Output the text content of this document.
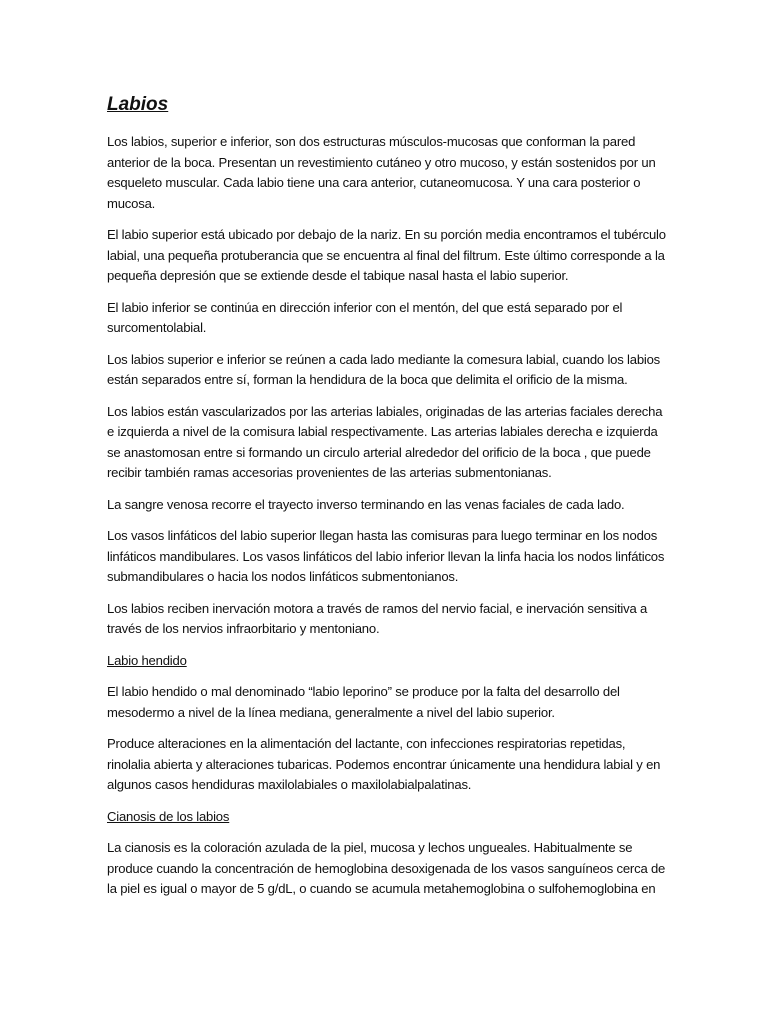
Labios

Los labios, superior e inferior, son dos estructuras músculos-mucosas que conforman la pared anterior de la boca. Presentan un revestimiento cutáneo y otro mucoso, y están sostenidos por un esqueleto muscular. Cada labio tiene una cara anterior, cutaneomucosa. Y una cara posterior o mucosa.

El labio superior está ubicado por debajo de la nariz. En su porción media encontramos el tubérculo labial, una pequeña protuberancia que se encuentra al final del filtrum. Este último corresponde a la pequeña depresión que se extiende desde el tabique nasal hasta el labio superior.

El labio inferior se continúa en dirección inferior con el mentón, del que está separado por el surcomentolabial.

Los labios superior e inferior se reúnen a cada lado mediante la comesura labial, cuando los labios están separados entre sí, forman la hendidura de la boca que delimita el orificio de la misma.

Los labios están vascularizados por las arterias labiales, originadas de las arterias faciales derecha e izquierda a nivel de la comisura labial respectivamente. Las arterias labiales derecha e izquierda se anastomosan entre si formando un circulo arterial alrededor del orificio de la boca , que puede recibir también ramas accesorias provenientes de las arterias submentonianas.

La sangre venosa recorre el trayecto inverso terminando en las venas faciales de cada lado.

Los vasos linfáticos del labio superior llegan hasta las comisuras para luego terminar en los nodos linfáticos mandibulares. Los vasos linfáticos del labio inferior llevan la linfa hacia los nodos linfáticos submandibulares o hacia los nodos linfáticos submentonianos.

Los labios reciben inervación motora a través de ramos del nervio facial, e inervación sensitiva a través de los nervios infraorbitario y mentoniano.

Labio hendido

El labio hendido o mal denominado “labio leporino” se produce por la falta del desarrollo del mesodermo a nivel de la línea mediana, generalmente a nivel del labio superior.

Produce alteraciones en la alimentación del lactante, con infecciones respiratorias repetidas, rinolalia abierta y alteraciones tubaricas. Podemos encontrar únicamente una hendidura labial y en algunos casos hendiduras maxilolabiales o maxilolabialpalatinas.

Cianosis de los labios

La cianosis es la coloración azulada de la piel, mucosa y lechos ungueales. Habitualmente se produce cuando la concentración de hemoglobina desoxigenada de los vasos sanguíneos cerca de la piel es igual o mayor de 5 g/dL, o cuando se acumula metahemoglobina o sulfohemoglobina en
